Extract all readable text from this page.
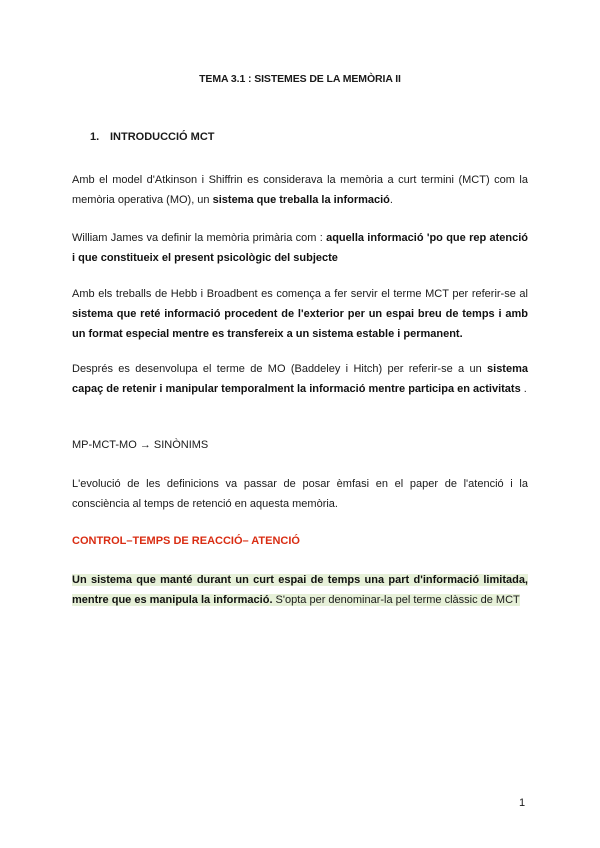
TEMA 3.1 : SISTEMES DE LA MEMÒRIA II
1. INTRODUCCIÓ MCT
Amb el model d'Atkinson i Shiffrin es considerava la memòria a curt termini (MCT) com la memòria operativa (MO), un sistema que treballa la informació.
William James va definir la memòria primària com : aquella informació 'po que rep atenció i que constitueix el present psicològic del subjecte
Amb els treballs de Hebb i Broadbent es comença a fer servir el terme MCT per referir-se al sistema que reté informació procedent de l'exterior per un espai breu de temps i amb un format especial mentre es transfereix a un sistema estable i permanent.
Després es desenvolupa el terme de MO (Baddeley i Hitch) per referir-se a un sistema capaç de retenir i manipular temporalment la informació mentre participa en activitats .
MP-MCT-MO → SINÒNIMS
L'evolució de les definicions va passar de posar èmfasi en el paper de l'atenció i la consciència al temps de retenció en aquesta memòria.
CONTROL–TEMPS DE REACCIÓ– ATENCIÓ
Un sistema que manté durant un curt espai de temps una part d'informació limitada, mentre que es manipula la informació. S'opta per denominar-la pel terme clàssic de MCT
1
